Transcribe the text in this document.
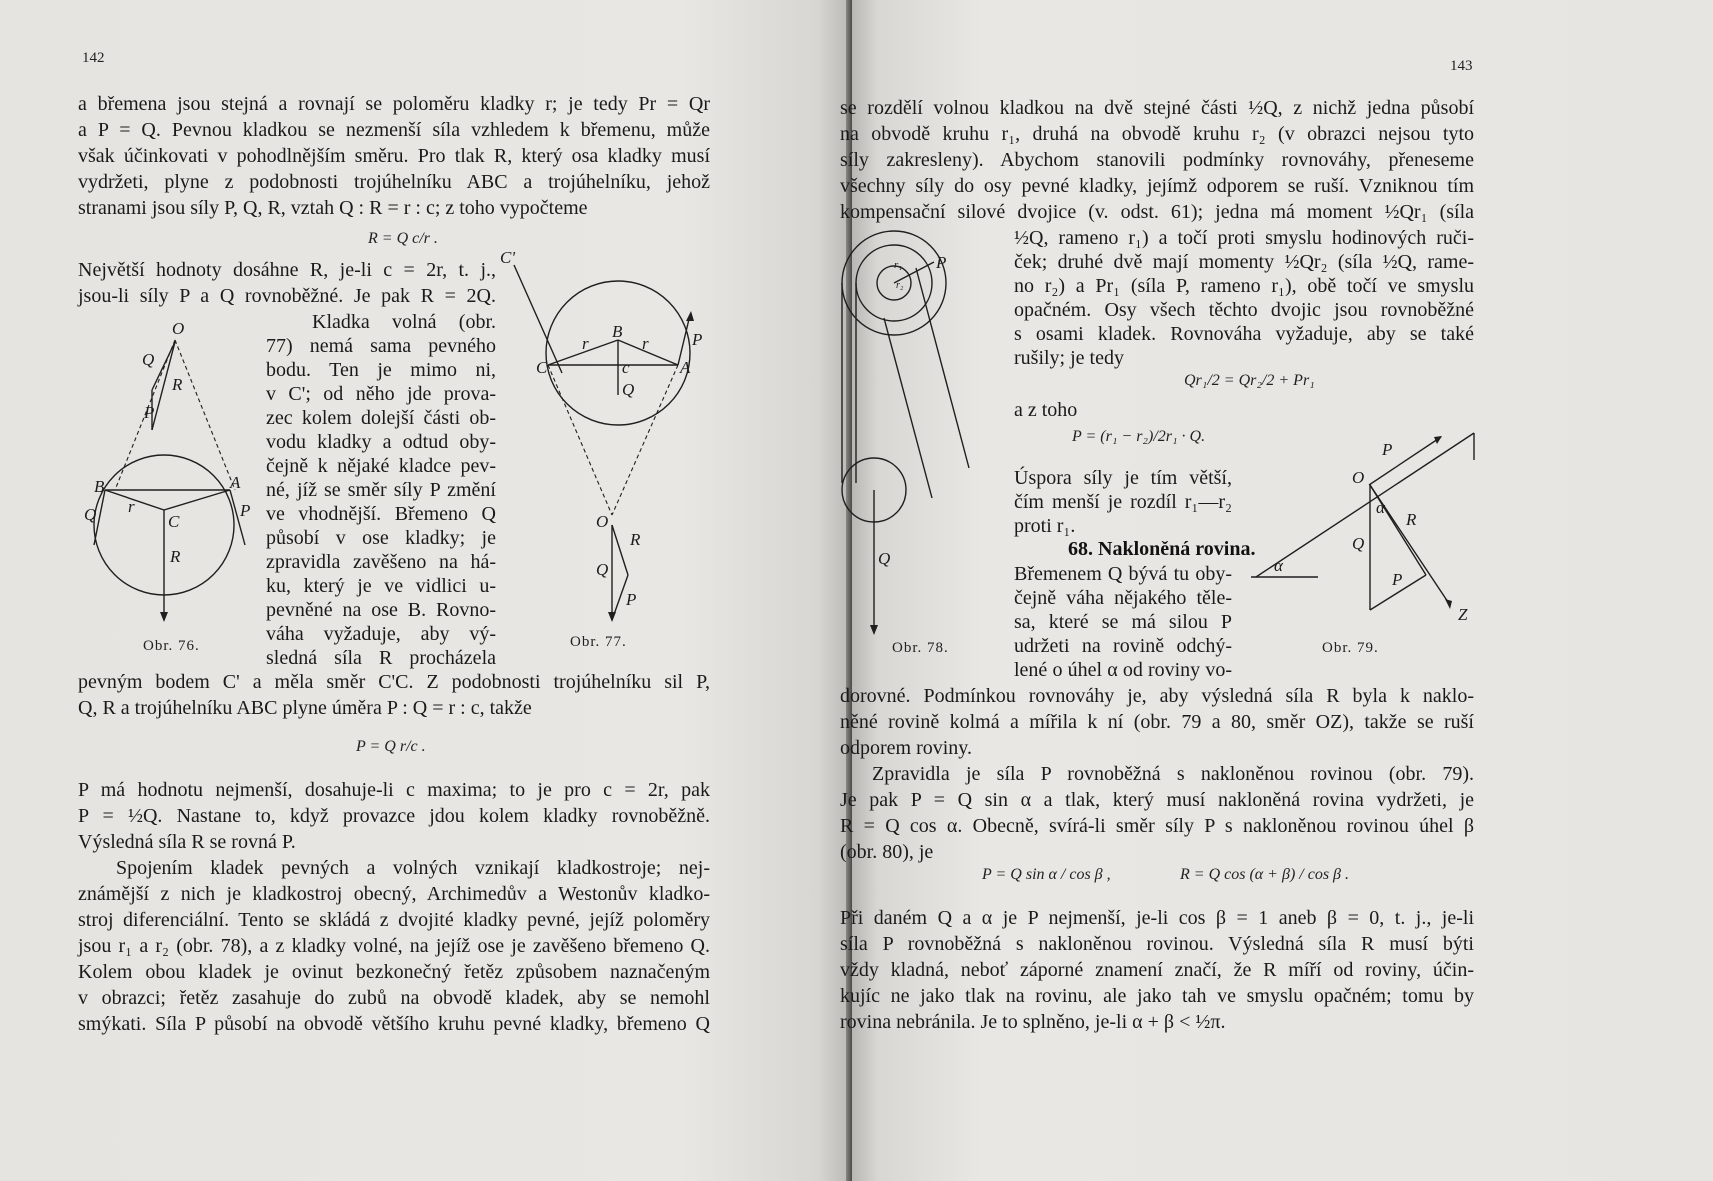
142

a břemena jsou stejná a rovnají se poloměru kladky r; je tedy Pr = Qr

a P = Q. Pevnou kladkou se nezmenší síla vzhledem k břemenu, může

však účinkovati v pohodlnějším směru. Pro tlak R, který osa kladky musí

vydržeti, plyne z podobnosti trojúhelníku ABC a trojúhelníku, jehož

stranami jsou síly P, Q, R, vztah Q : R = r : c; z toho vypočteme

R = Q c/r .

Největší hodnoty dosáhne R, je-li c = 2r, t. j.,

jsou-li síly P a Q rovnoběžné. Je pak R = 2Q.

Kladka volná (obr.

77) nemá sama pevného

bodu. Ten je mimo ni,

v C'; od něho jde prova-

zec kolem dolejší části ob-

vodu kladky a odtud oby-

čejně k nějaké kladce pev-

né, jíž se směr síly P změní

ve vhodnější. Břemeno Q

působí v ose kladky; je

zpravidla zavěšeno na há-

ku, který je ve vidlici u-

pevněné na ose B. Rovno-

váha vyžaduje, aby vý-

sledná síla R procházela

O
Q
R
P
B	A
C
r
R
Q	P
Obr. 76.
C'
B
C	A
r	r
c
Q
P
O
R
Q
P
Obr. 77.

pevným bodem C' a měla směr C'C. Z podobnosti trojúhelníku sil P,

Q, R a trojúhelníku ABC plyne úměra P : Q = r : c, takže

P = Q r/c .

P má hodnotu nejmenší, dosahuje-li c maxima; to je pro c = 2r, pak

P = ½Q. Nastane to, když provazce jdou kolem kladky rovnoběžně.

Výsledná síla R se rovná P.

Spojením kladek pevných a volných vznikají kladkostroje; nej-

známější z nich je kladkostroj obecný, Archimedův a Westonův kladko-

stroj diferenciální. Tento se skládá z dvojité kladky pevné, jejíž poloměry

jsou r₁ a r₂ (obr. 78), a z kladky volné, na jejíž ose je zavěšeno břemeno Q.

Kolem obou kladek je ovinut bezkonečný řetěz způsobem naznačeným

v obrazci; řetěz zasahuje do zubů na obvodě kladek, aby se nemohl

smýkati. Síla P působí na obvodě většího kruhu pevné kladky, břemeno Q

143

se rozdělí volnou kladkou na dvě stejné části ½Q, z nichž jedna působí

na obvodě kruhu r₁, druhá na obvodě kruhu r₂ (v obrazci nejsou tyto

síly zakresleny). Abychom stanovili podmínky rovnováhy, přeneseme

všechny síly do osy pevné kladky, jejímž odporem se ruší. Vzniknou tím

kompensační silové dvojice (v. odst. 61); jedna má moment ½Qr₁ (síla

P
r₁
r₂
Q
Obr. 78.

½Q, rameno r₁) a točí proti smyslu hodinových ruči-

ček; druhé dvě mají momenty ½Qr₂ (síla ½Q, rame-

no r₂) a Pr₁ (síla P, rameno r₁), obě točí ve smyslu

opačném. Osy všech těchto dvojic jsou rovnoběžné

s osami kladek. Rovnováha vyžaduje, aby se také

rušily; je tedy

Qr₁/2 = Qr₂/2 + Pr₁

a z toho

P = (r₁ − r₂)/2r₁ · Q.

Úspora síly je tím větší,

čím menší je rozdíl r₁—r₂

proti r₁.

68. Nakloněná rovina.

Břemenem Q bývá tu oby-

čejně váha nějakého těle-

sa, které se má silou P

udržeti na rovině odchý-

lené o úhel α od roviny vo-

α
P
O
α
R
Q
P
Z
Obr. 79.

dorovné. Podmínkou rovnováhy je, aby výsledná síla R byla k naklo-

něné rovině kolmá a mířila k ní (obr. 79 a 80, směr OZ), takže se ruší

odporem roviny.

Zpravidla je síla P rovnoběžná s nakloněnou rovinou (obr. 79).

Je pak P = Q sin α a tlak, který musí nakloněná rovina vydržeti, je

R = Q cos α. Obecně, svírá-li směr síly P s nakloněnou rovinou úhel β

(obr. 80), je

P = Q sin α / cos β ,	R = Q cos (α + β) / cos β .

Při daném Q a α je P nejmenší, je-li cos β = 1 aneb β = 0, t. j., je-li

síla P rovnoběžná s nakloněnou rovinou. Výsledná síla R musí býti

vždy kladná, neboť záporné znamení značí, že R míří od roviny, účin-

kujíc ne jako tlak na rovinu, ale jako tah ve smyslu opačném; tomu by

rovina nebránila. Je to splněno, je-li α + β < ½π.
